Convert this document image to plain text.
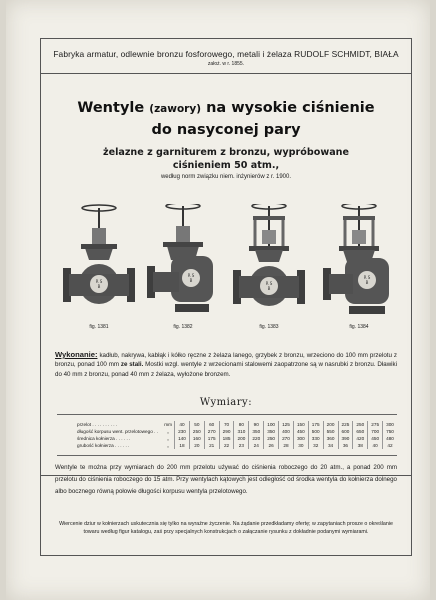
Fabryka armatur, odlewnie bronzu fosforowego, metali i żelaza RUDOLF SCHMIDT, BIAŁA
założ. w r. 1855.
Wentyle (zawory) na wysokie ciśnienie
do nasyconej pary
żelazne z garniturem z bronzu, wypróbowane
ciśnieniem 50 atm.,
według norm związku niem. inżynierów z r. 1900.
R S
B
R S
B
R S
B
R S
B
fig. 1381	fig. 1382	fig. 1383	fig. 1384
Wykonanie: kadłub, nakrywa, kabłąk i kółko ręczne z żelaza lanego, grzybek z bronzu, wrzeciono do 100 mm przelotu z bronzu, ponad 100 mm ze stali. Mostki wzgl. wentyle z wrzecionami stalowemi zaopatrzone są w nasrubki z bronzu. Dławiki do 40 mm z bronzu, ponad 40 mm z żelaza, wyłożone bronzem.
Wymiary:
przelot . . . . . . . . . .	mm	40	50	60	70	80	90	100	125	150	175	200	225	250	275	300
długość korpusu went. przelotowego . .	„	230	250	270	290	310	350	350	400	450	500	550	600	650	700	750
średnica kołnierza . . . . . .	„	140	160	175	185	200	220	250	270	300	330	360	390	420	450	480
grubość kołnierza . . . . . .	„	18	20	21	22	23	24	26	28	30	32	34	36	38	40	42
Wentyle te można przy wymiarach do 200 mm przelotu używać do ciśnienia roboczego do 20 atm., a ponad 200 mm przelotu do ciśnienia roboczego do 15 atm. Przy wentylach kątowych jest odległość od środka wentyla do kołnierza dolnego albo bocznego równą połowie długości korpusu wentyla przelotowego.
Wiercenie dziur w kołnierzach uskutecznia się tylko na wyraźne życzenie. Na żądanie przedkładamy ofertę; w zapytaniach prosze o określanie towaru według figur katalogu, zaś przy specjalnych konstrukcjach o załączanie rysunku z dokładnie podanymi wymiarami.
